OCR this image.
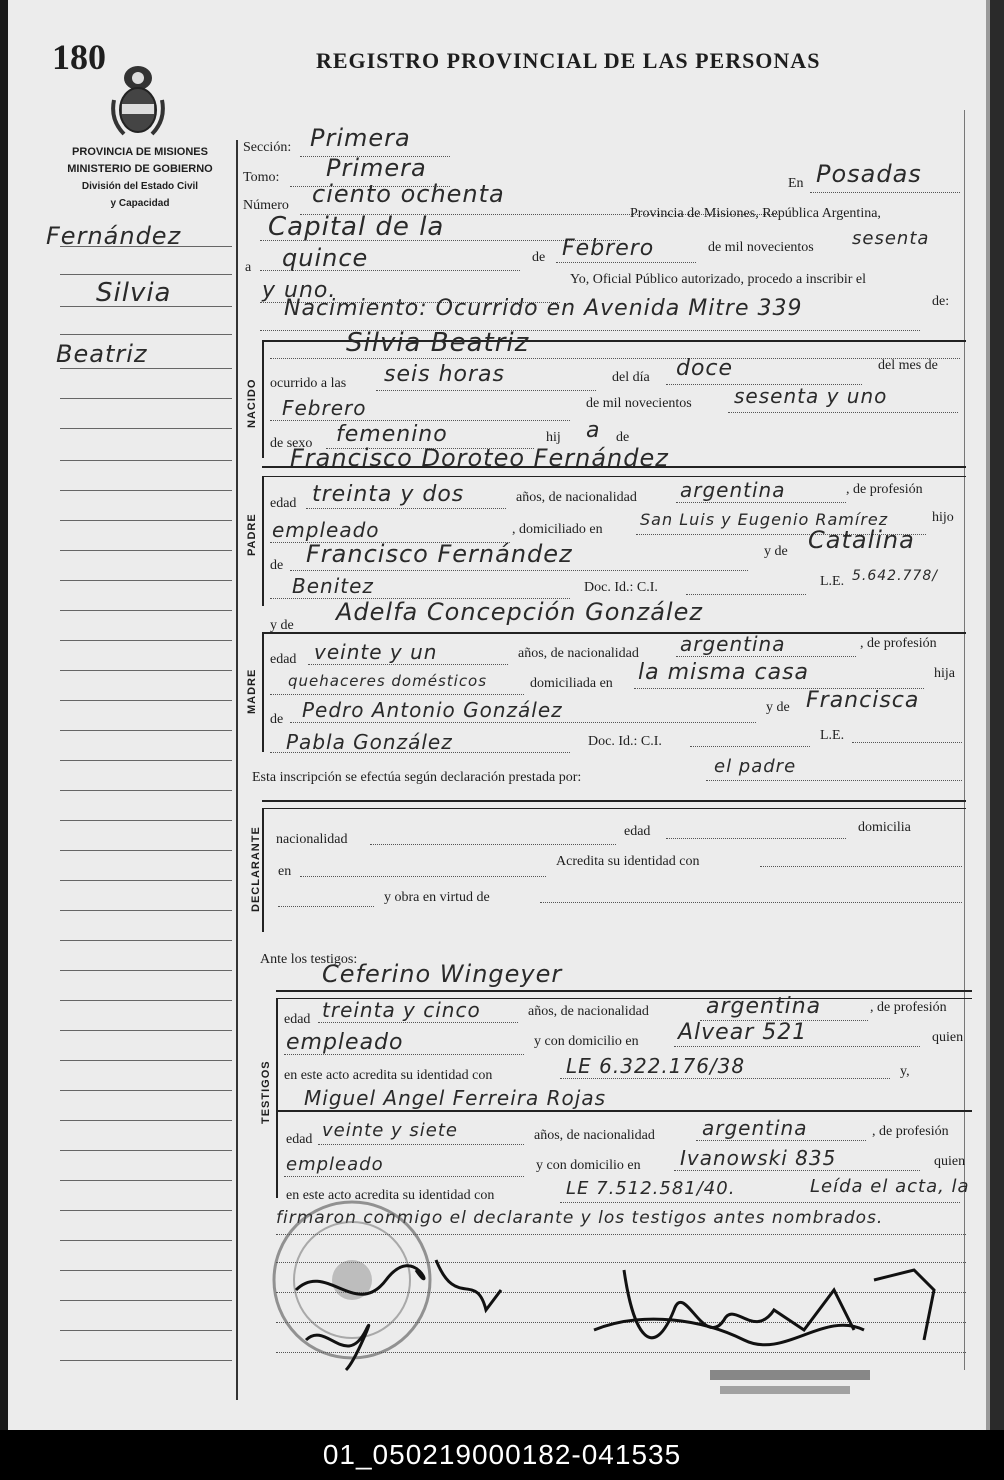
180	REGISTRO PROVINCIAL DE LAS PERSONAS
PROVINCIA DE MISIONES
MINISTERIO DE GOBIERNO
División del Estado Civil
y Capacidad
Fernández
Silvia
Beatriz
Sección: Primera
Tomo: Primera
Número ciento ochenta	En Posadas
Capital de la	Provincia de Misiones, República Argentina,
a quince	de Febrero	de mil novecientos sesenta
y uno.	Yo, Oficial Público autorizado, procedo a inscribir el
Nacimiento: Ocurrido en Avenida Mitre 339	de:
NACIDO
Silvia Beatriz
ocurrido a las seis horas	del día doce	del mes de
Febrero	de mil novecientos sesenta y uno
de sexo femenino	hij a de
Francisco Doroteo Fernández
PADRE
edad treinta y dos	años, de nacionalidad argentina	, de profesión
empleado	, domiciliado en
San Luis y Eugenio Ramírez	hijo
de Francisco Fernández	y de Catalina
Benitez	Doc. Id.: C.I.	L.E. 5.642.778/
y de Adelfa Concepción González
MADRE
edad veinte y un	años, de nacionalidad argentina	, de profesión
quehaceres domésticos	domiciliada en la misma casa	hija
de Pedro Antonio González	y de Francisca
Pabla González	Doc. Id.: C.I.	L.E.
Esta inscripción se efectúa según declaración prestada por:
el padre
DECLARANTE nacionalidad
edad	domicilia
en
Acredita su identidad con
y obra en virtud de
Ante los testigos:
Ceferino Wingeyer
TESTIGOS
edad treinta y cinco	años, de nacionalidad	argentina	, de profesión
empleado	y con domicilio en Alvear 521	quien
en este acto acredita su identidad con	LE 6.322.176/38	y,
Miguel Angel Ferreira Rojas
edad veinte y siete	años, de nacionalidad argentina	, de profesión
empleado	y con domicilio en Ivanowski 835	quien
en este acto acredita su identidad con	LE 7.512.581/40.	Leída el acta, la
firmaron conmigo el declarante y los testigos antes nombrados.
01_050219000182-041535
